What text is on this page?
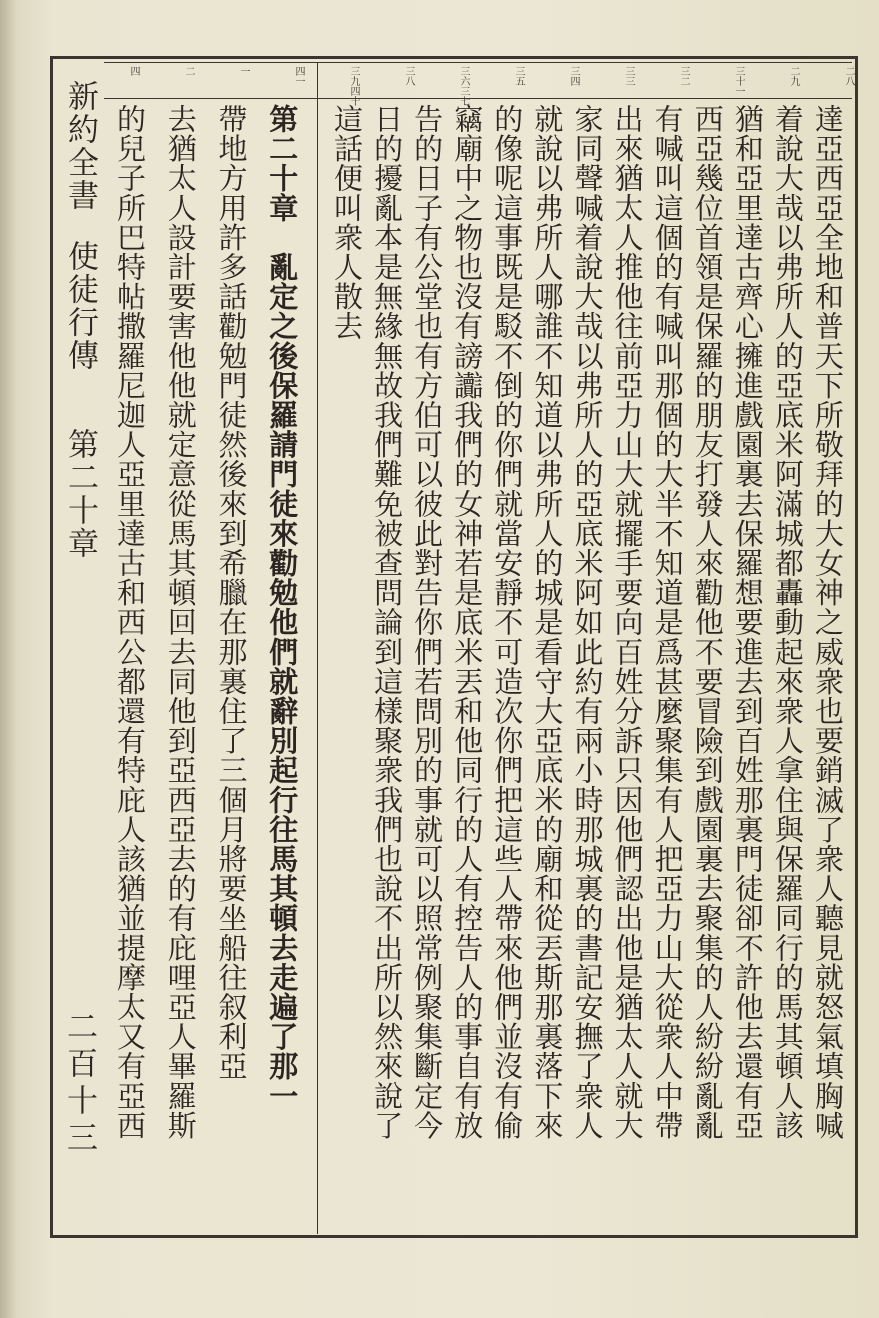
新約全書使徒行傳第二十章
二百十三
二八
二九
三十一
三二
三三
三四
三五
三六三七
三八
三九四十
四一
一
二
四
達亞西亞全地和普天下所敬拜的大女神之威衆也要銷滅了衆人聽見就怒氣填胸喊
着說大哉以弗所人的亞底米阿滿城都轟動起來衆人拿住與保羅同行的馬其頓人該
猶和亞里達古齊心擁進戲園裏去保羅想要進去到百姓那裏門徒卻不許他去還有亞
西亞幾位首領是保羅的朋友打發人來勸他不要冒險到戲園裏去聚集的人紛紛亂亂
有喊叫這個的有喊叫那個的大半不知道是爲甚麼聚集有人把亞力山大從衆人中帶
出來猶太人推他往前亞力山大就擺手要向百姓分訴只因他們認出他是猶太人就大
家同聲喊着說大哉以弗所人的亞底米阿如此約有兩小時那城裏的書記安撫了衆人
就說以弗所人哪誰不知道以弗所人的城是看守大亞底米的廟和從丟斯那裏落下來
的像呢這事既是駁不倒的你們就當安靜不可造次你們把這些人帶來他們並沒有偷
竊廟中之物也沒有謗讟我們的女神若是底米丟和他同行的人有控告人的事自有放
告的日子有公堂也有方伯可以彼此對告你們若問別的事就可以照常例聚集斷定今
日的擾亂本是無緣無故我們難免被查問論到這樣聚衆我們也說不出所以然來說了
這話便叫衆人散去
第二十章　亂定之後保羅請門徒來勸勉他們就辭別起行往馬其頓去走遍了那一
帶地方用許多話勸勉門徒然後來到希臘在那裏住了三個月將要坐船往叙利亞
去猶太人設計要害他他就定意從馬其頓回去同他到亞西亞去的有庇哩亞人畢羅斯
的兒子所巴特帖撒羅尼迦人亞里達古和西公都還有特庇人該猶並提摩太又有亞西
